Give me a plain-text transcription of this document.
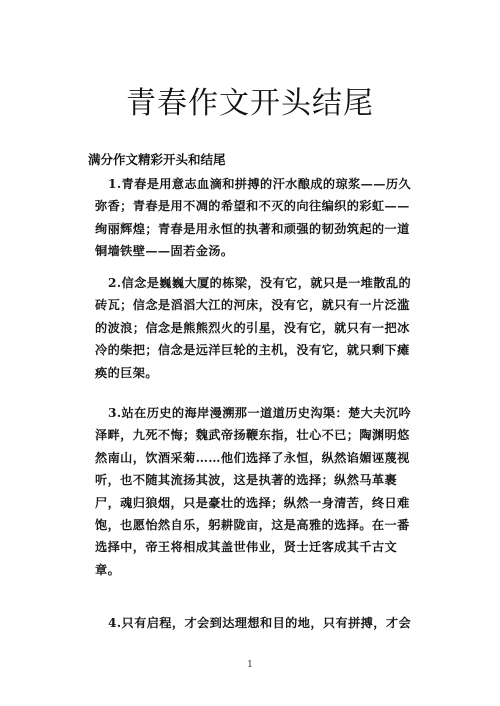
青春作文开头结尾
满分作文精彩开头和结尾
1.青春是用意志血滴和拼搏的汗水酿成的琼浆——历久
弥香；青春是用不凋的希望和不灭的向往编织的彩虹——
绚丽辉煌；青春是用永恒的执著和顽强的韧劲筑起的一道
铜墙铁壁——固若金汤。
2.信念是巍巍大厦的栋梁，没有它，就只是一堆散乱的
砖瓦；信念是滔滔大江的河床，没有它，就只有一片泛滥
的波浪；信念是熊熊烈火的引星，没有它，就只有一把冰
冷的柴把；信念是远洋巨轮的主机，没有它，就只剩下瘫
痪的巨架。
3.站在历史的海岸漫溯那一道道历史沟渠：楚大夫沉吟
泽畔，九死不悔；魏武帝扬鞭东指，壮心不已；陶渊明悠
然南山，饮酒采菊……他们选择了永恒，纵然谄媚诬蔑视
听，也不随其流扬其波，这是执著的选择；纵然马革裹
尸，魂归狼烟，只是豪壮的选择；纵然一身清苦，终日难
饱，也愿怡然自乐，躬耕陇亩，这是高雅的选择。在一番
选择中，帝王将相成其盖世伟业，贤士迁客成其千古文
章。
4.只有启程，才会到达理想和目的地，只有拼搏，才会
1
